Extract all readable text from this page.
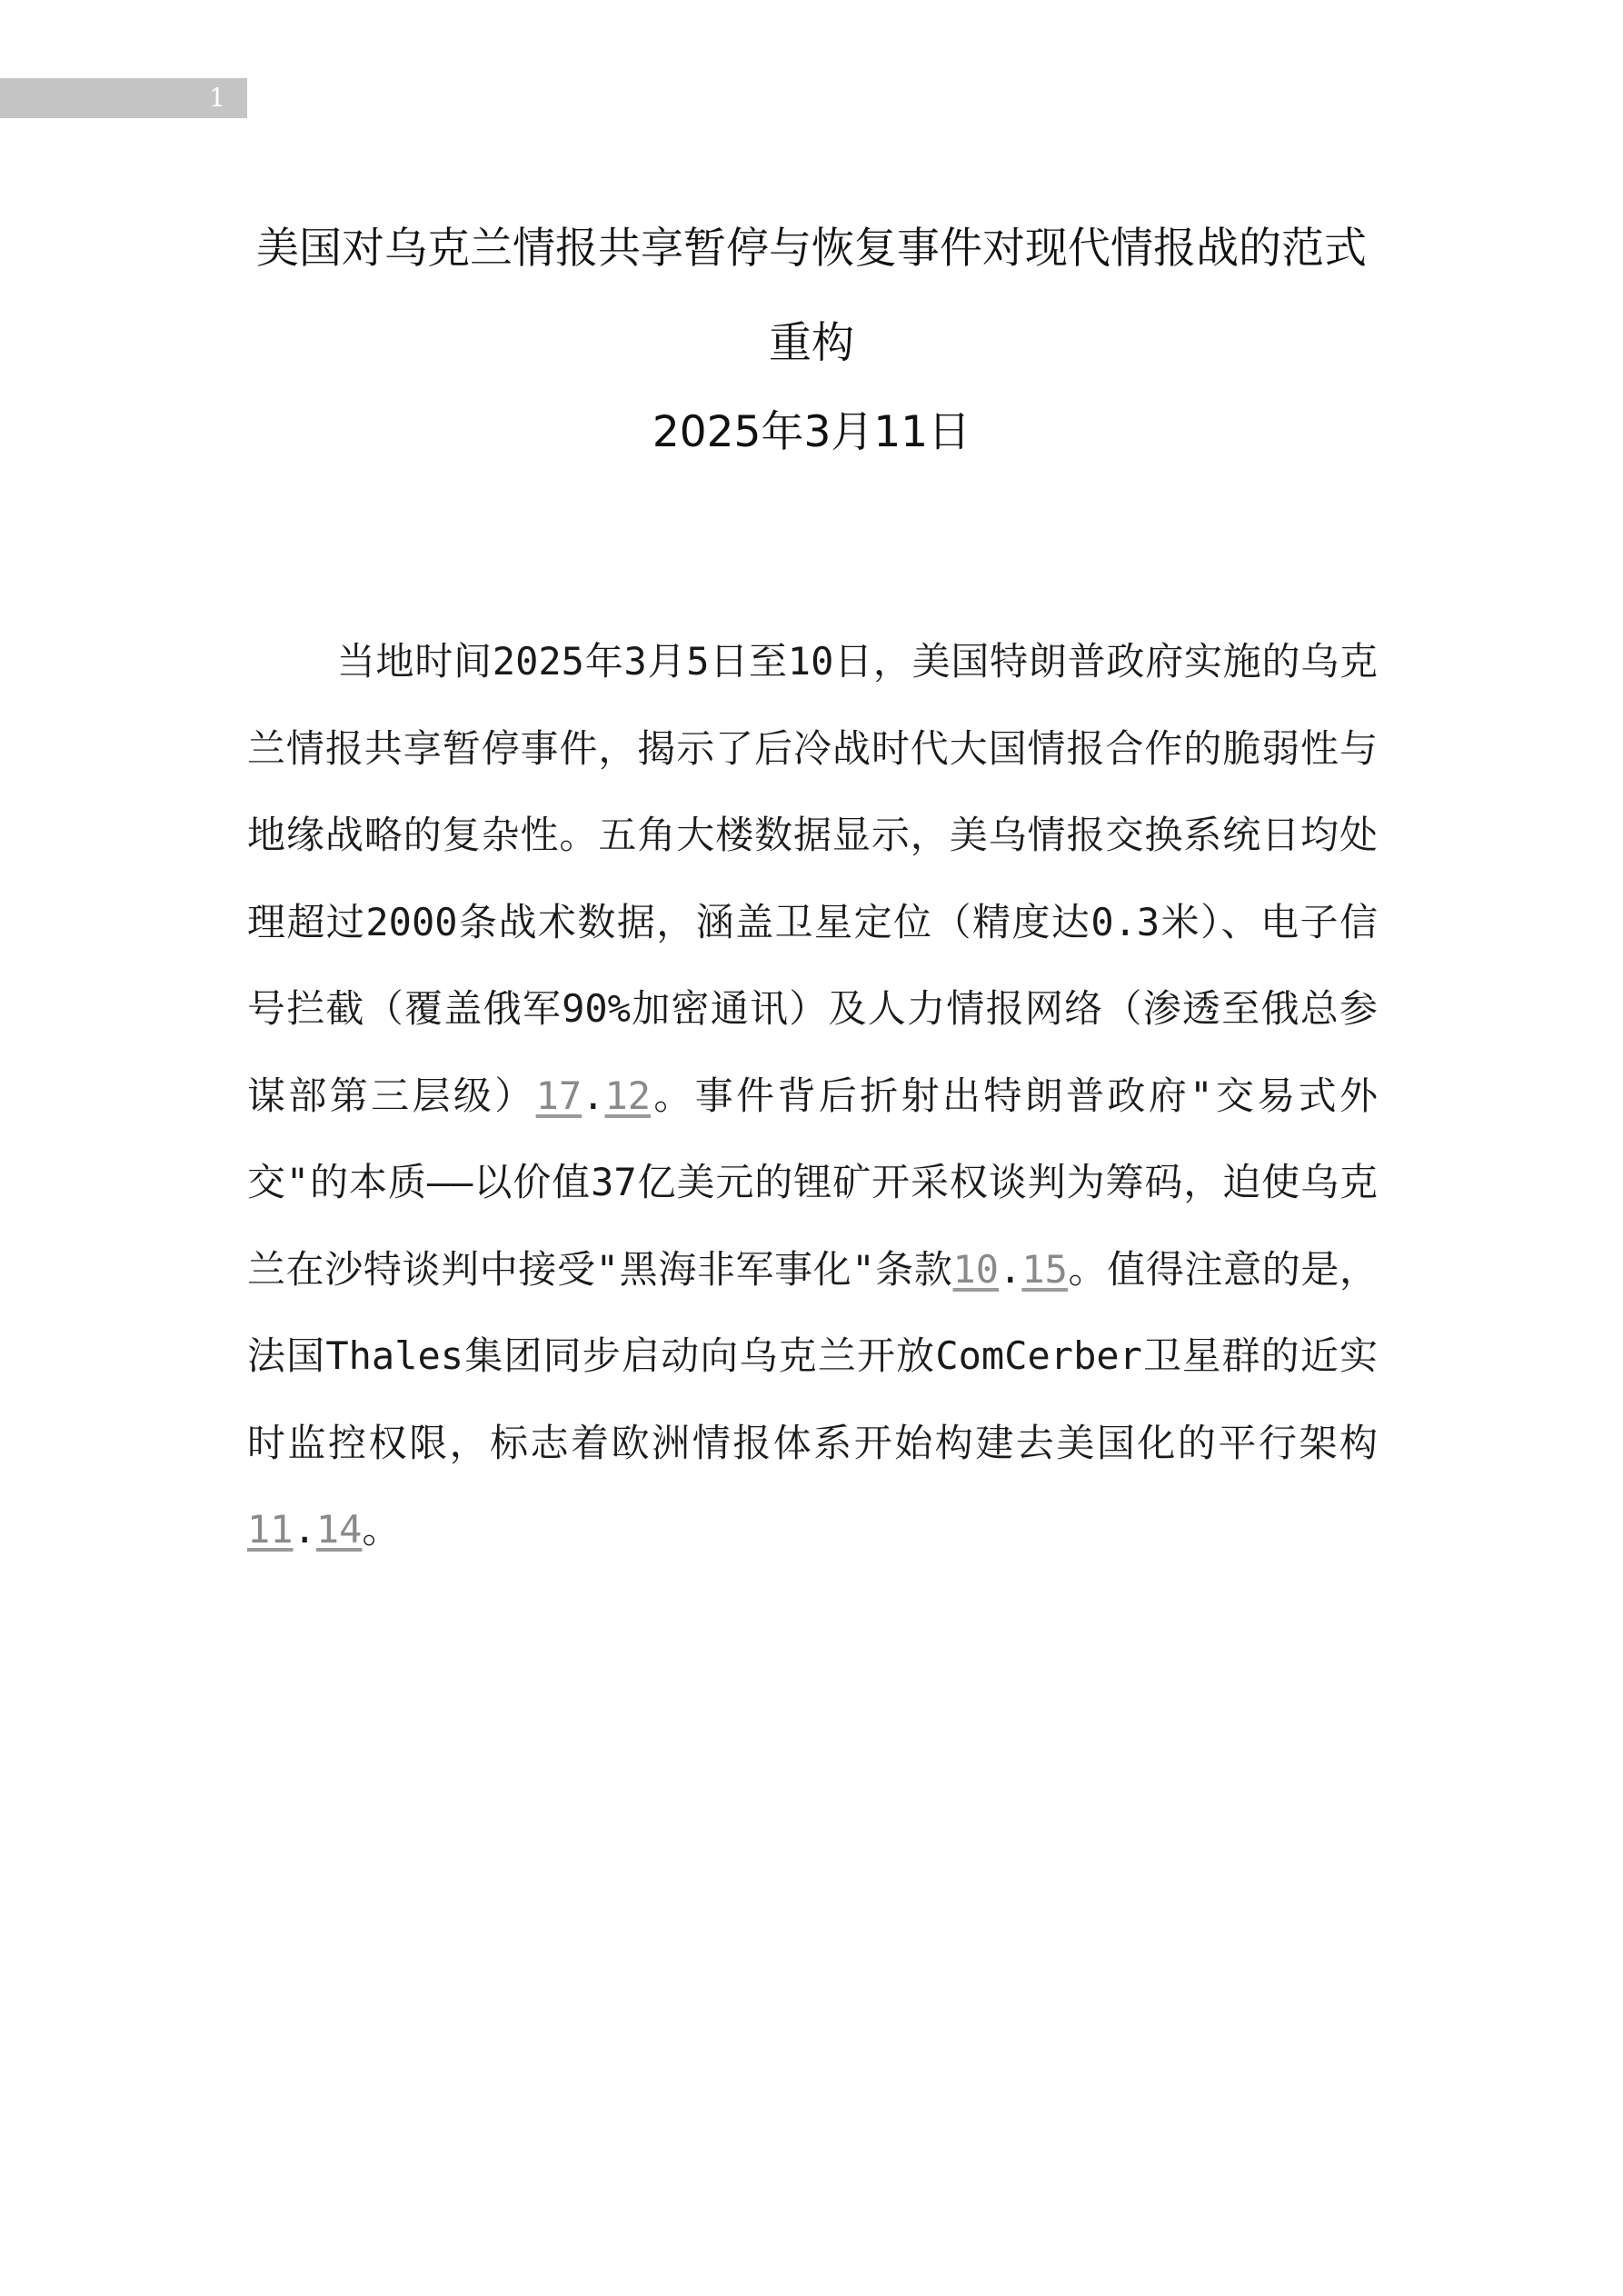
1
美国对乌克兰情报共享暂停与恢复事件对现代情报战的范式重构
2025年3月11日

当地时间2025年3月5日至10日，美国特朗普政府实施的乌克兰情报共享暂停事件，揭示了后冷战时代大国情报合作的脆弱性与地缘战略的复杂性。五角大楼数据显示，美乌情报交换系统日均处理超过2000条战术数据，涵盖卫星定位（精度达0.3米）、电子信号拦截（覆盖俄军90%加密通讯）及人力情报网络（渗透至俄总参谋部第三层级）17.12。事件背后折射出特朗普政府"交易式外交"的本质——以价值37亿美元的锂矿开采权谈判为筹码，迫使乌克兰在沙特谈判中接受"黑海非军事化"条款10.15。值得注意的是，法国Thales集团同步启动向乌克兰开放ComCerber卫星群的近实时监控权限，标志着欧洲情报体系开始构建去美国化的平行架构11.14。
